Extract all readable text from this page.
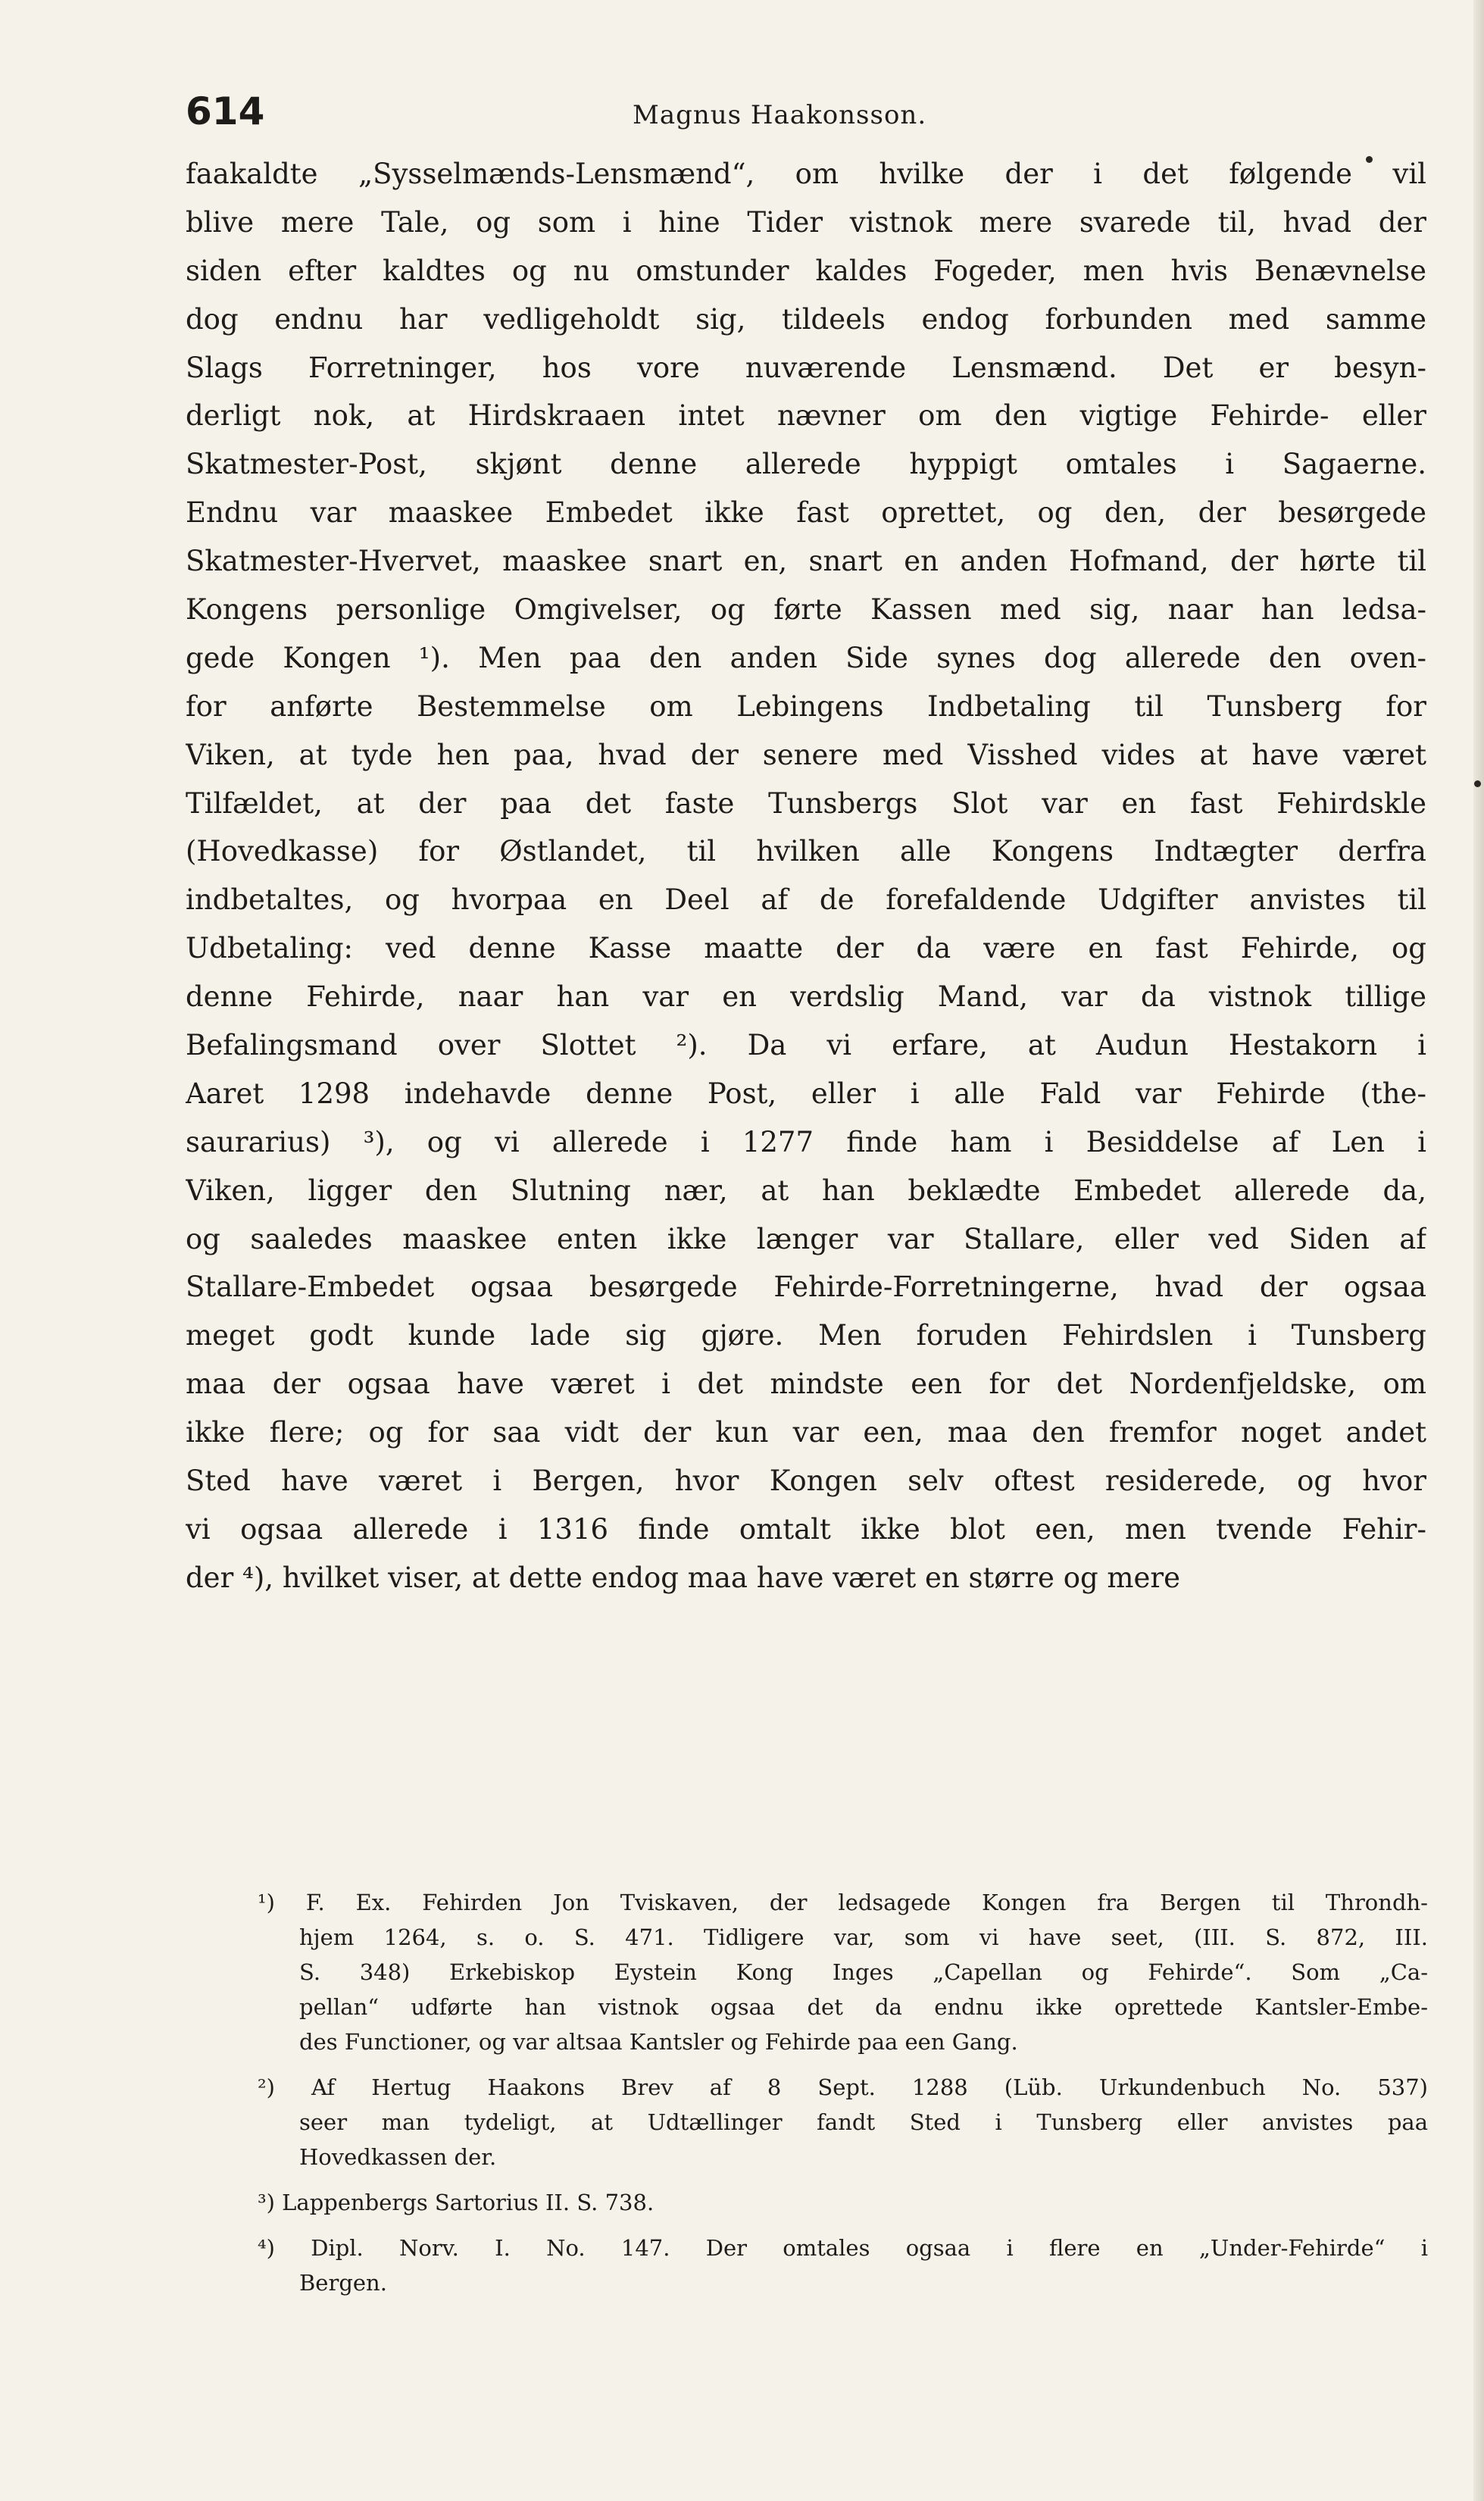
614	Magnus Haakonsson.
faakaldte „Sysselmænds-Lensmænd“, om hvilke der i det følgende vil
blive mere Tale, og som i hine Tider vistnok mere svarede til, hvad der
siden efter kaldtes og nu omstunder kaldes Fogeder, men hvis Benævnelse
dog endnu har vedligeholdt sig, tildeels endog forbunden med samme
Slags Forretninger, hos vore nuværende Lensmænd. Det er besyn-
derligt nok, at Hirdskraaen intet nævner om den vigtige Fehirde- eller
Skatmester-Post, skjønt denne allerede hyppigt omtales i Sagaerne.
Endnu var maaskee Embedet ikke fast oprettet, og den, der besørgede
Skatmester-Hvervet, maaskee snart en, snart en anden Hofmand, der hørte til
Kongens personlige Omgivelser, og førte Kassen med sig, naar han ledsa-
gede Kongen ¹). Men paa den anden Side synes dog allerede den oven-
for anførte Bestemmelse om Lebingens Indbetaling til Tunsberg for
Viken, at tyde hen paa, hvad der senere med Visshed vides at have været
Tilfældet, at der paa det faste Tunsbergs Slot var en fast Fehirdskle
(Hovedkasse) for Østlandet, til hvilken alle Kongens Indtægter derfra
indbetaltes, og hvorpaa en Deel af de forefaldende Udgifter anvistes til
Udbetaling: ved denne Kasse maatte der da være en fast Fehirde, og
denne Fehirde, naar han var en verdslig Mand, var da vistnok tillige
Befalingsmand over Slottet ²). Da vi erfare, at Audun Hestakorn i
Aaret 1298 indehavde denne Post, eller i alle Fald var Fehirde (the-
saurarius) ³), og vi allerede i 1277 finde ham i Besiddelse af Len i
Viken, ligger den Slutning nær, at han beklædte Embedet allerede da,
og saaledes maaskee enten ikke længer var Stallare, eller ved Siden af
Stallare-Embedet ogsaa besørgede Fehirde-Forretningerne, hvad der ogsaa
meget godt kunde lade sig gjøre. Men foruden Fehirdslen i Tunsberg
maa der ogsaa have været i det mindste een for det Nordenfjeldske, om
ikke flere; og for saa vidt der kun var een, maa den fremfor noget andet
Sted have været i Bergen, hvor Kongen selv oftest residerede, og hvor
vi ogsaa allerede i 1316 finde omtalt ikke blot een, men tvende Fehir-
der ⁴), hvilket viser, at dette endog maa have været en større og mere
¹) F. Ex. Fehirden Jon Tviskaven, der ledsagede Kongen fra Bergen til Throndh-
hjem 1264, s. o. S. 471. Tidligere var, som vi have seet, (III. S. 872, III.
S. 348) Erkebiskop Eystein Kong Inges „Capellan og Fehirde“. Som „Ca-
pellan“ udførte han vistnok ogsaa det da endnu ikke oprettede Kantsler-Embe-
des Functioner, og var altsaa Kantsler og Fehirde paa een Gang.
²) Af Hertug Haakons Brev af 8 Sept. 1288 (Lüb. Urkundenbuch No. 537)
seer man tydeligt, at Udtællinger fandt Sted i Tunsberg eller anvistes paa
Hovedkassen der.
³) Lappenbergs Sartorius II. S. 738.
⁴) Dipl. Norv. I. No. 147. Der omtales ogsaa i flere en „Under-Fehirde“ i
Bergen.
